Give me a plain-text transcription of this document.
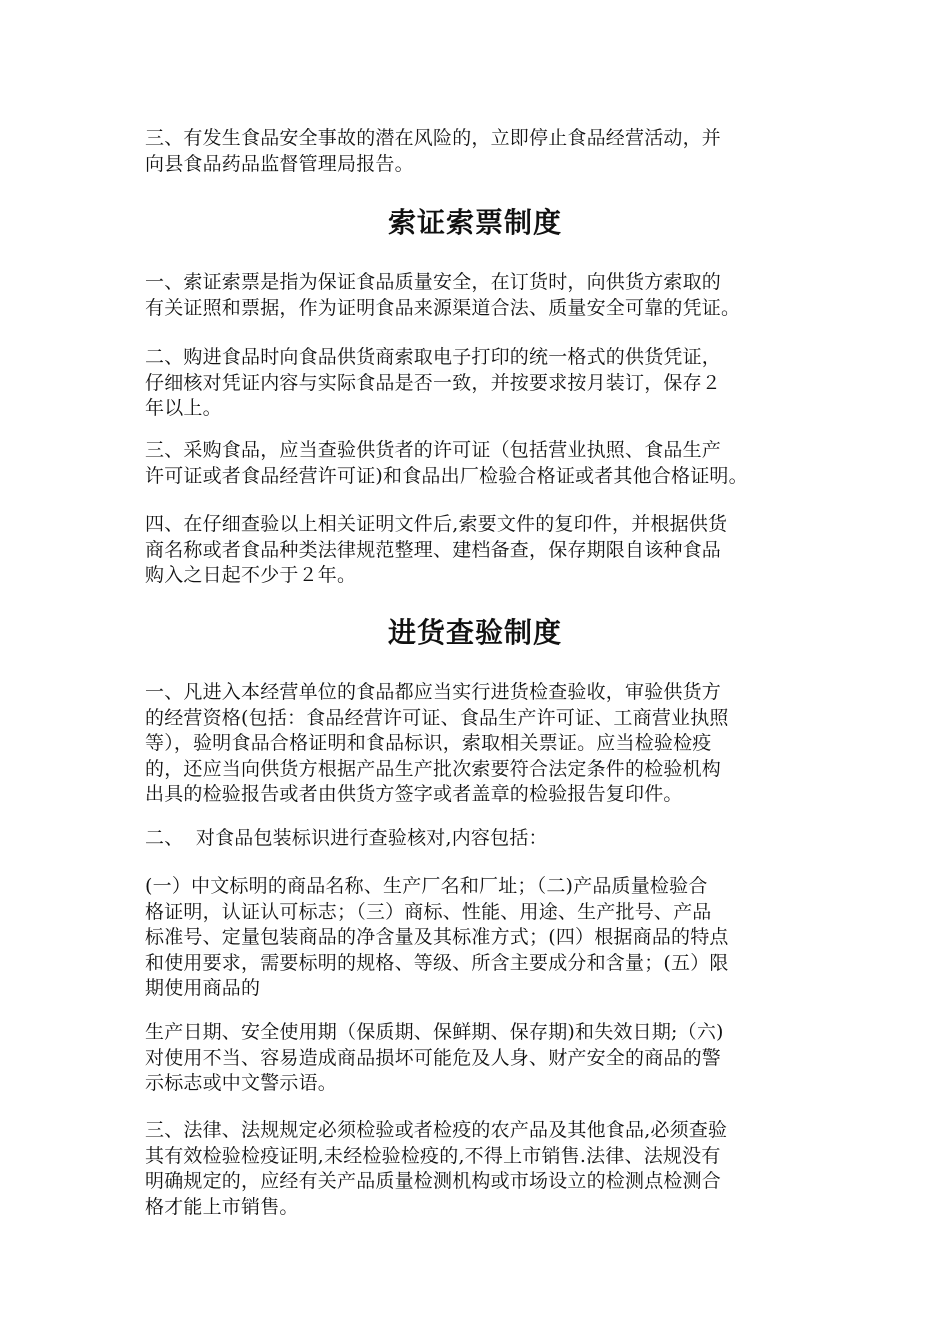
三、有发生食品安全事故的潜在风险的，立即停止食品经营活动，并
向县食品药品监督管理局报告。
索证索票制度
一、索证索票是指为保证食品质量安全，在订货时，向供货方索取的
有关证照和票据，作为证明食品来源渠道合法、质量安全可靠的凭证。
二、购进食品时向食品供货商索取电子打印的统一格式的供货凭证，
仔细核对凭证内容与实际食品是否一致，并按要求按月装订，保存２
年以上。
三、采购食品，应当查验供货者的许可证（包括营业执照、食品生产
许可证或者食品经营许可证)和食品出厂检验合格证或者其他合格证明。
四、在仔细查验以上相关证明文件后,索要文件的复印件，并根据供货
商名称或者食品种类法律规范整理、建档备查，保存期限自该种食品
购入之日起不少于２年。
进货查验制度
一、凡进入本经营单位的食品都应当实行进货检查验收，审验供货方
的经营资格(包括：食品经营许可证、食品生产许可证、工商营业执照
等），验明食品合格证明和食品标识，索取相关票证。应当检验检疫
的，还应当向供货方根据产品生产批次索要符合法定条件的检验机构
出具的检验报告或者由供货方签字或者盖章的检验报告复印件。
二、  对食品包装标识进行查验核对,内容包括：
(一）中文标明的商品名称、生产厂名和厂址；（二)产品质量检验合
格证明，认证认可标志；（三）商标、性能、用途、生产批号、产品
标准号、定量包装商品的净含量及其标准方式；(四）根据商品的特点
和使用要求，需要标明的规格、等级、所含主要成分和含量；(五）限
期使用商品的
生产日期、安全使用期（保质期、保鲜期、保存期)和失效日期;（六)
对使用不当、容易造成商品损坏可能危及人身、财产安全的商品的警
示标志或中文警示语。
三、法律、法规规定必须检验或者检疫的农产品及其他食品,必须查验
其有效检验检疫证明,未经检验检疫的,不得上市销售.法律、法规没有
明确规定的，应经有关产品质量检测机构或市场设立的检测点检测合
格才能上市销售。
